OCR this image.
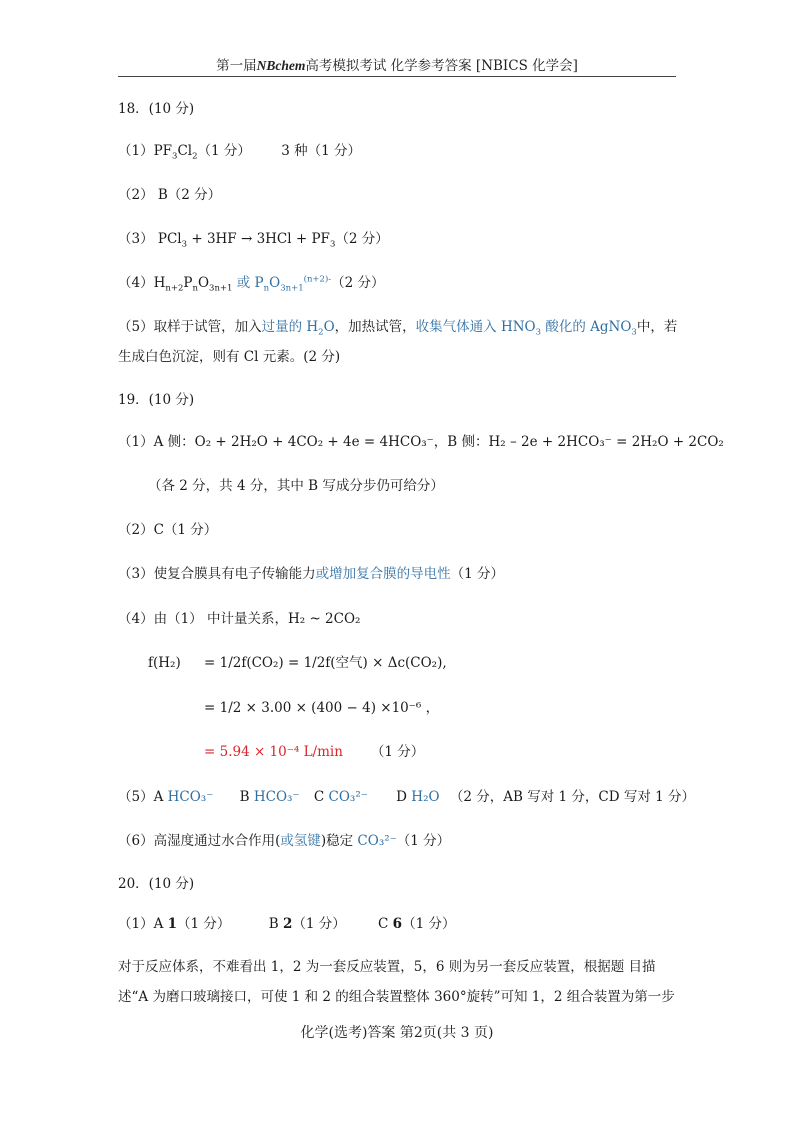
第一届NBchem高考模拟考试 化学参考答案 [NBICS 化学会]
18．(10 分)
$(1)PF_3Cl_2(1$ 分） 3 种（1 分）
（2） B（2 分）
（3） $PCl_3 + 3HF \to 3HCl + PF_3(2$ 分）
$(4)H_{n+2}P_nO_{3n+1}$ 或 $P_nO_{3n+1}^{(n+2)-}(2$ 分）
（5）取样于试管，加入过量的 $H_2O$，加热试管，收集气体通入 $HNO_3$ 酸化的 AgNO$_3$中，若
生成白色沉淀，则有 Cl 元素。(2 分)
19．(10 分)
（1）A 侧：O₂ + 2H₂O + 4CO₂ + 4e = 4HCO₃⁻，B 侧：H₂ – 2e + 2HCO₃⁻ = 2H₂O + 2CO₂
（各 2 分，共 4 分，其中 B 写成分步仍可给分）
（2）C（1 分）
（3）使复合膜具有电子传输能力或增加复合膜的导电性（1 分）
（4）由（1） 中计量关系，H₂ ~ 2CO₂
f(H₂) = 1/2f(CO₂) = 1/2f(空气) × Δc(CO₂),
= 1/2 × 3.00 × (400 − 4) ×10⁻⁶ ，
= 5.94 × 10⁻⁴ L/min （1 分）
（5）A HCO₃⁻ B HCO₃⁻ C CO₃²⁻ D H₂O （2 分，AB 写对 1 分，CD 写对 1 分）
（6）高湿度通过水合作用(或氢键)稳定 CO₃²⁻（1 分）
20．(10 分)
（1）A 1（1 分）	B 2（1 分） C 6（1 分）
对于反应体系，不难看出 1，2 为一套反应装置，5，6 则为另一套反应装置，根据题 目描
述“A 为磨口玻璃接口，可使 1 和 2 的组合装置整体 360°旋转”可知 1，2 组合装置为第一步
化学(选考)答案 第2页(共 3 页)
